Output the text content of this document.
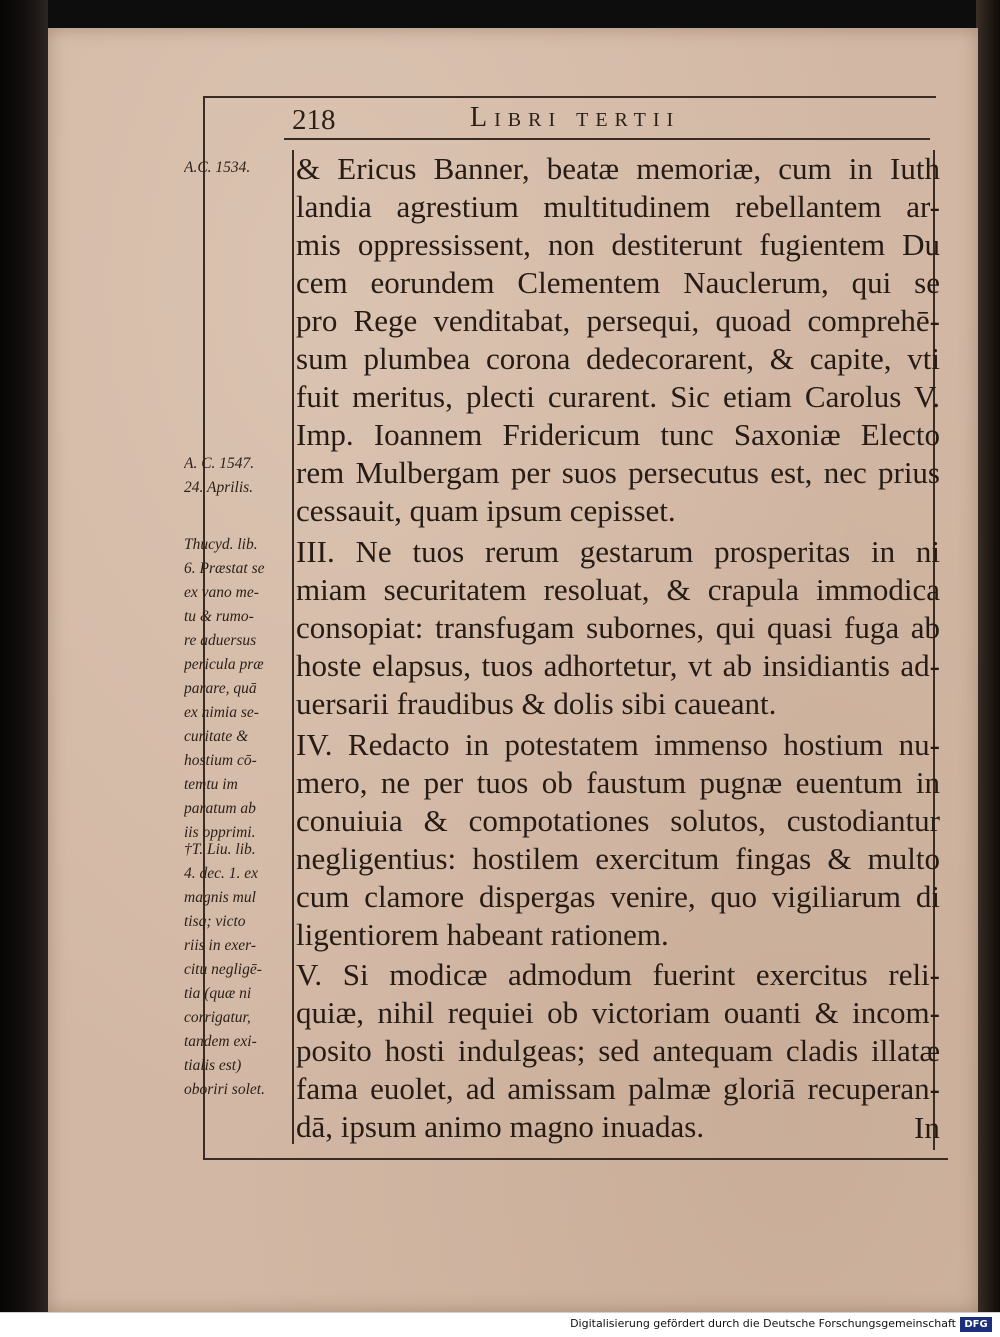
218	Libri tertii
& Ericus Banner, beatæ memoriæ, cum in Iuth
landia agrestium multitudinem rebellantem ar-
mis oppressissent, non destiterunt fugientem Du
cem eorundem Clementem Nauclerum, qui se
pro Rege venditabat, persequi, quoad comprehē-
sum plumbea corona dedecorarent, & capite, vti
fuit meritus, plecti curarent. Sic etiam Carolus V.
Imp. Ioannem Fridericum tunc Saxoniæ Electo
rem Mulbergam per suos persecutus est, nec prius
cessauit, quam ipsum cepisset.
III. Ne tuos rerum gestarum prosperitas in ni
miam securitatem resoluat, & crapula immodica
consopiat: transfugam subornes, qui quasi fuga ab
hoste elapsus, tuos adhortetur, vt ab insidiantis ad-
uersarii fraudibus & dolis sibi caueant.
IV. Redacto in potestatem immenso hostium nu-
mero, ne per tuos ob faustum pugnæ euentum in
conuiuia & compotationes solutos, custodiantur
negligentius: hostilem exercitum fingas & multo
cum clamore dispergas venire, quo vigiliarum di
ligentiorem habeant rationem.
V. Si modicæ admodum fuerint exercitus reli-
quiæ, nihil requiei ob victoriam ouanti & incom-
posito hosti indulgeas; sed antequam cladis illatæ
fama euolet, ad amissam palmæ gloriā recuperan-
dā, ipsum animo magno inuadas.	In
A.C. 1534.
A. C. 1547.
24. Aprilis.
Thucyd. lib.
6. Præstat se
ex vano me-
tu & rumo-
re aduersus
pericula præ
parare, quā
ex nimia se-
curitate &
hostium cō-
temtu im
paratum ab
iis opprimi.
†T. Liu. lib.
4. dec. 1. ex
magnis mul
tisq; victo
riis in exer-
citu negligē-
tia (quæ ni
corrigatur,
tandem exi-
tialis est)
oboriri solet.
Digitalisierung gefördert durch die Deutsche Forschungsgemeinschaft DFG
